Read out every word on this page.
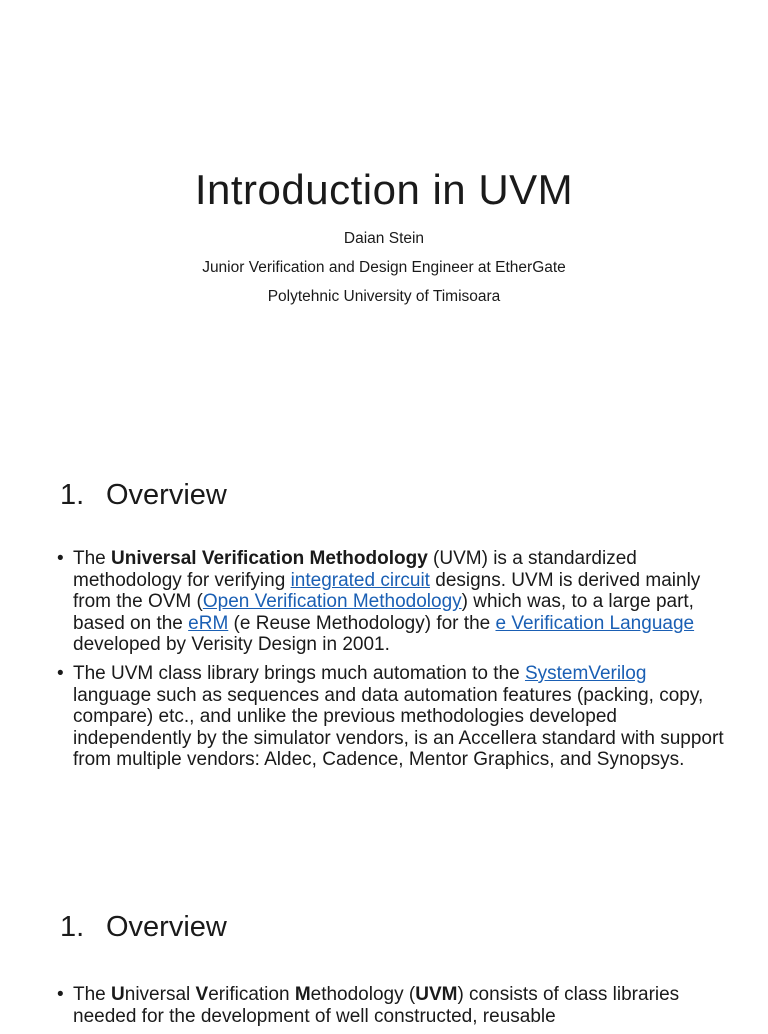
Introduction in UVM

Daian Stein

Junior Verification and Design Engineer at EtherGate

Polytehnic University of Timisoara

1. Overview
• The Universal Verification Methodology (UVM) is a standardized methodology for verifying integrated circuit designs. UVM is derived mainly from the OVM (Open Verification Methodology) which was, to a large part, based on the eRM (e Reuse Methodology) for the e Verification Language developed by Verisity Design in 2001.
• The UVM class library brings much automation to the SystemVerilog language such as sequences and data automation features (packing, copy, compare) etc., and unlike the previous methodologies developed independently by the simulator vendors, is an Accellera standard with support from multiple vendors: Aldec, Cadence, Mentor Graphics, and Synopsys.
1. Overview
• The Universal Verification Methodology (UVM) consists of class libraries needed for the development of well constructed, reusable
